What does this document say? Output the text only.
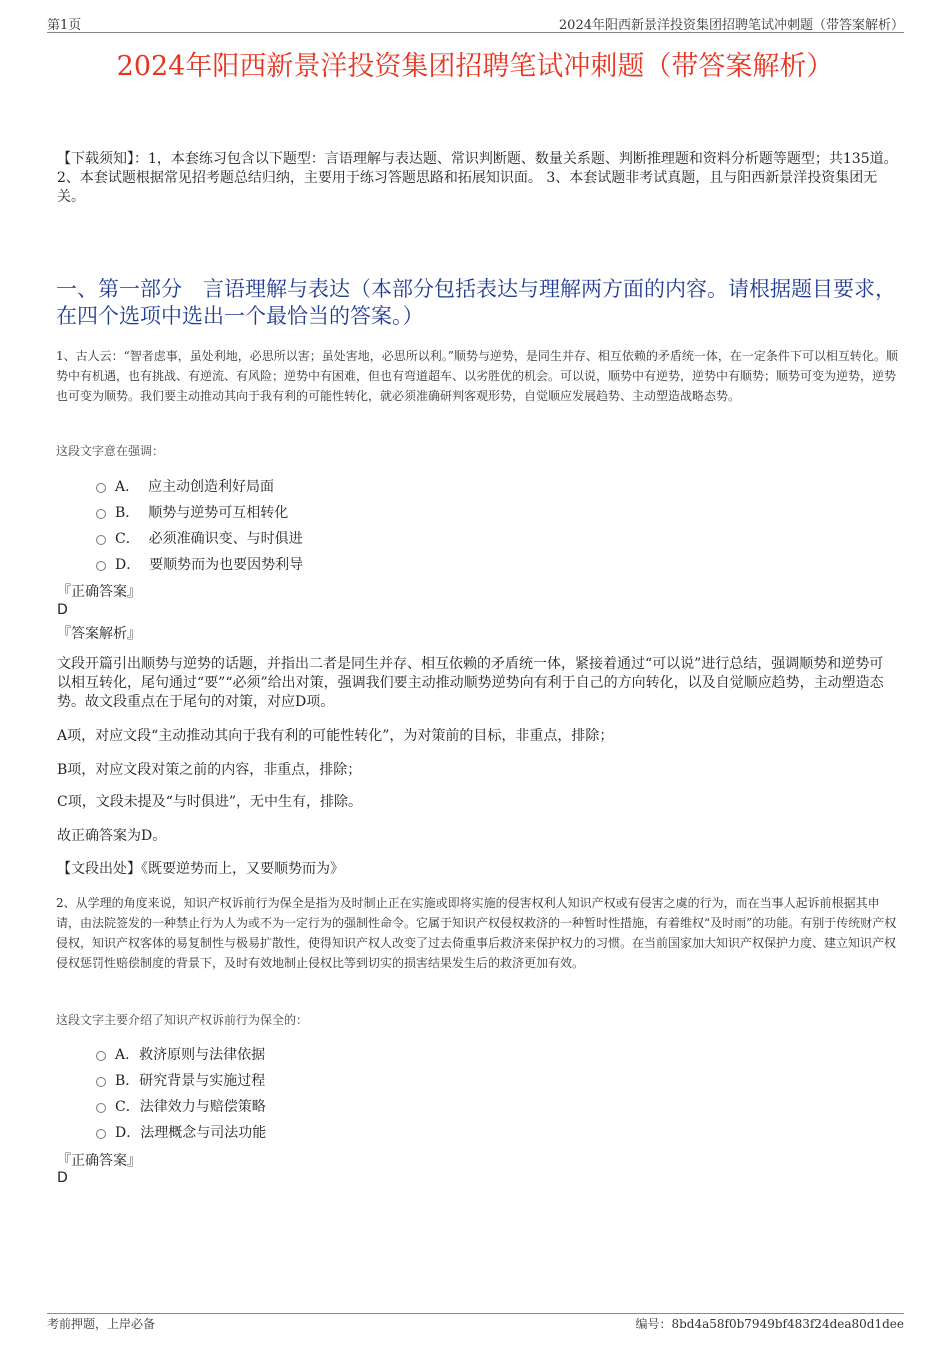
第1页	2024年阳西新景洋投资集团招聘笔试冲刺题（带答案解析）
2024年阳西新景洋投资集团招聘笔试冲刺题（带答案解析）
【下载须知】：1，本套练习包含以下题型：言语理解与表达题、常识判断题、数量关系题、判断推理题和资料分析题等题型；共135道。 2、本套试题根据常见招考题总结归纳，主要用于练习答题思路和拓展知识面。 3、本套试题非考试真题，且与阳西新景洋投资集团无关。
一、第一部分　言语理解与表达（本部分包括表达与理解两方面的内容。请根据题目要求，在四个选项中选出一个最恰当的答案。）
1、古人云：“智者虑事，虽处利地，必思所以害；虽处害地，必思所以利。”顺势与逆势，是同生并存、相互依赖的矛盾统一体，在一定条件下可以相互转化。顺势中有机遇，也有挑战、有逆流、有风险；逆势中有困难，但也有弯道超车、以劣胜优的机会。可以说，顺势中有逆势，逆势中有顺势；顺势可变为逆势，逆势也可变为顺势。我们要主动推动其向于我有利的可能性转化，就必须准确研判客观形势，自觉顺应发展趋势、主动塑造战略态势。
这段文字意在强调：
A．
应主动创造利好局面
B．
顺势与逆势可互相转化
C．
必须准确识变、与时俱进
D．
要顺势而为也要因势利导
『正确答案』
D
『答案解析』
文段开篇引出顺势与逆势的话题，并指出二者是同生并存、相互依赖的矛盾统一体，紧接着通过“可以说”进行总结，强调顺势和逆势可以相互转化，尾句通过“要”“必须”给出对策，强调我们要主动推动顺势逆势向有利于自己的方向转化，以及自觉顺应趋势，主动塑造态势。故文段重点在于尾句的对策，对应D项。
A项，对应文段“主动推动其向于我有利的可能性转化”，为对策前的目标，非重点，排除；
B项，对应文段对策之前的内容，非重点，排除；
C项，文段未提及“与时俱进”，无中生有，排除。
故正确答案为D。
【文段出处】《既要逆势而上，又要顺势而为》
2、从学理的角度来说，知识产权诉前行为保全是指为及时制止正在实施或即将实施的侵害权利人知识产权或有侵害之虞的行为，而在当事人起诉前根据其申请，由法院签发的一种禁止行为人为或不为一定行为的强制性命令。它属于知识产权侵权救济的一种暂时性措施，有着维权“及时雨”的功能。有别于传统财产权侵权，知识产权客体的易复制性与极易扩散性，使得知识产权人改变了过去倚重事后救济来保护权力的习惯。在当前国家加大知识产权保护力度、建立知识产权侵权惩罚性赔偿制度的背景下，及时有效地制止侵权比等到切实的损害结果发生后的救济更加有效。
这段文字主要介绍了知识产权诉前行为保全的：
A． 救济原则与法律依据
B． 研究背景与实施过程
C． 法律效力与赔偿策略
D． 法理概念与司法功能
『正确答案』
D
考前押题，上岸必备	编号：8bd4a58f0b7949bf483f24dea80d1dee
